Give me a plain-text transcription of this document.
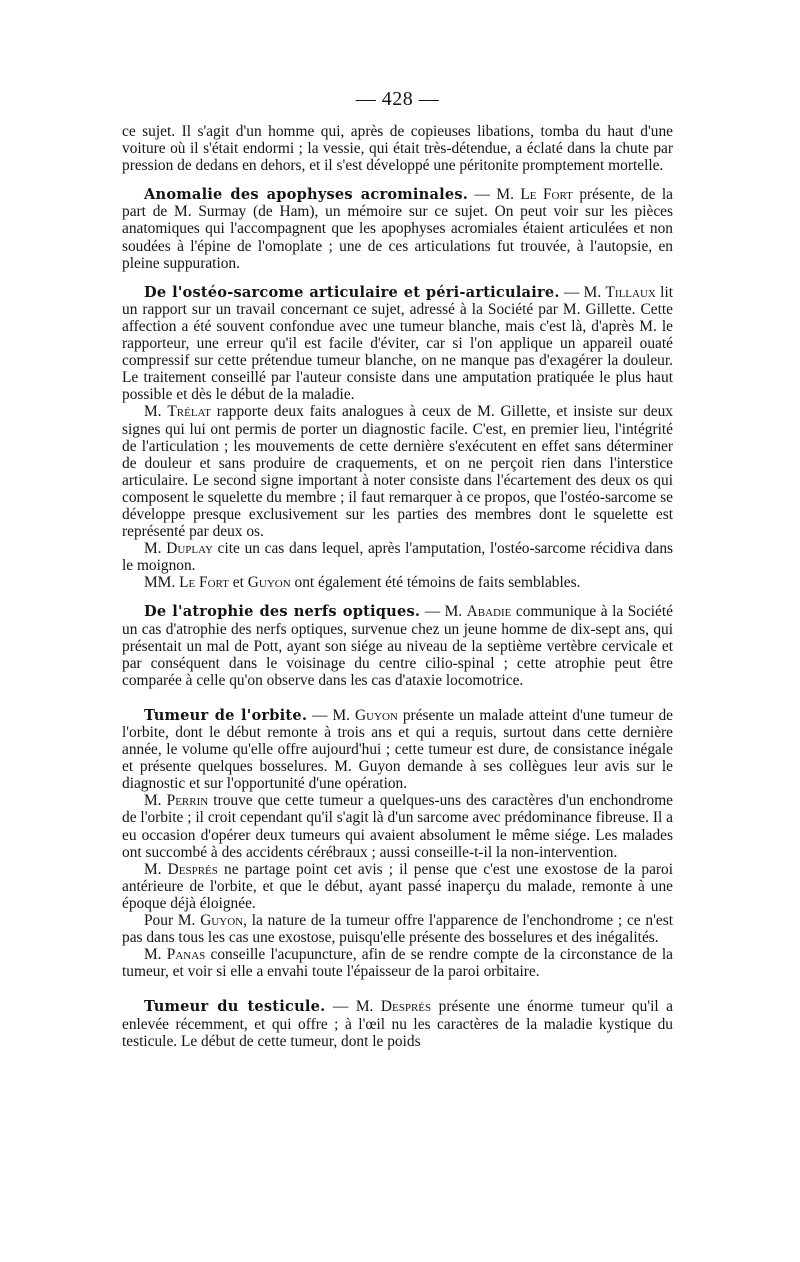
— 428 —

ce sujet. Il s'agit d'un homme qui, après de copieuses libations, tomba du haut d'une voiture où il s'était endormi ; la vessie, qui était très-détendue, a éclaté dans la chute par pression de dedans en dehors, et il s'est développé une péritonite promptement mortelle.

Anomalie des apophyses acrominales. — M. Le Fort présente, de la part de M. Surmay (de Ham), un mémoire sur ce sujet. On peut voir sur les pièces anatomiques qui l'accompagnent que les apophyses acromiales étaient articulées et non soudées à l'épine de l'omoplate ; une de ces articulations fut trouvée, à l'autopsie, en pleine suppuration.

De l'ostéo-sarcome articulaire et péri-articulaire. — M. Tillaux lit un rapport sur un travail concernant ce sujet, adressé à la Société par M. Gillette. Cette affection a été souvent confondue avec une tumeur blanche, mais c'est là, d'après M. le rapporteur, une erreur qu'il est facile d'éviter, car si l'on applique un appareil ouaté compressif sur cette prétendue tumeur blanche, on ne manque pas d'exagérer la douleur. Le traitement conseillé par l'auteur consiste dans une amputation pratiquée le plus haut possible et dès le début de la maladie.

M. Trélat rapporte deux faits analogues à ceux de M. Gillette, et insiste sur deux signes qui lui ont permis de porter un diagnostic facile. C'est, en premier lieu, l'intégrité de l'articulation ; les mouvements de cette dernière s'exécutent en effet sans déterminer de douleur et sans produire de craquements, et on ne perçoit rien dans l'interstice articulaire. Le second signe important à noter consiste dans l'écartement des deux os qui composent le squelette du membre ; il faut remarquer à ce propos, que l'ostéo-sarcome se développe presque exclusivement sur les parties des membres dont le squelette est représenté par deux os.

M. Duplay cite un cas dans lequel, après l'amputation, l'ostéo-sarcome récidiva dans le moignon.

MM. Le Fort et Guyon ont également été témoins de faits semblables.

De l'atrophie des nerfs optiques. — M. Abadie communique à la Société un cas d'atrophie des nerfs optiques, survenue chez un jeune homme de dix-sept ans, qui présentait un mal de Pott, ayant son siége au niveau de la septième vertèbre cervicale et par conséquent dans le voisinage du centre cilio-spinal ; cette atrophie peut être comparée à celle qu'on observe dans les cas d'ataxie locomotrice.

Tumeur de l'orbite. — M. Guyon présente un malade atteint d'une tumeur de l'orbite, dont le début remonte à trois ans et qui a requis, surtout dans cette dernière année, le volume qu'elle offre aujourd'hui ; cette tumeur est dure, de consistance inégale et présente quelques bosselures. M. Guyon demande à ses collègues leur avis sur le diagnostic et sur l'opportunité d'une opération.

M. Perrin trouve que cette tumeur a quelques-uns des caractères d'un enchondrome de l'orbite ; il croit cependant qu'il s'agit là d'un sarcome avec prédominance fibreuse. Il a eu occasion d'opérer deux tumeurs qui avaient absolument le même siége. Les malades ont succombé à des accidents cérébraux ; aussi conseille-t-il la non-intervention.

M. Després ne partage point cet avis ; il pense que c'est une exostose de la paroi antérieure de l'orbite, et que le début, ayant passé inaperçu du malade, remonte à une époque déjà éloignée.

Pour M. Guyon, la nature de la tumeur offre l'apparence de l'enchondrome ; ce n'est pas dans tous les cas une exostose, puisqu'elle présente des bosselures et des inégalités.

M. Panas conseille l'acupuncture, afin de se rendre compte de la circonstance de la tumeur, et voir si elle a envahi toute l'épaisseur de la paroi orbitaire.

Tumeur du testicule. — M. Després présente une énorme tumeur qu'il a enlevée récemment, et qui offre ; à l'œil nu les caractères de la maladie kystique du testicule. Le début de cette tumeur, dont le poids
